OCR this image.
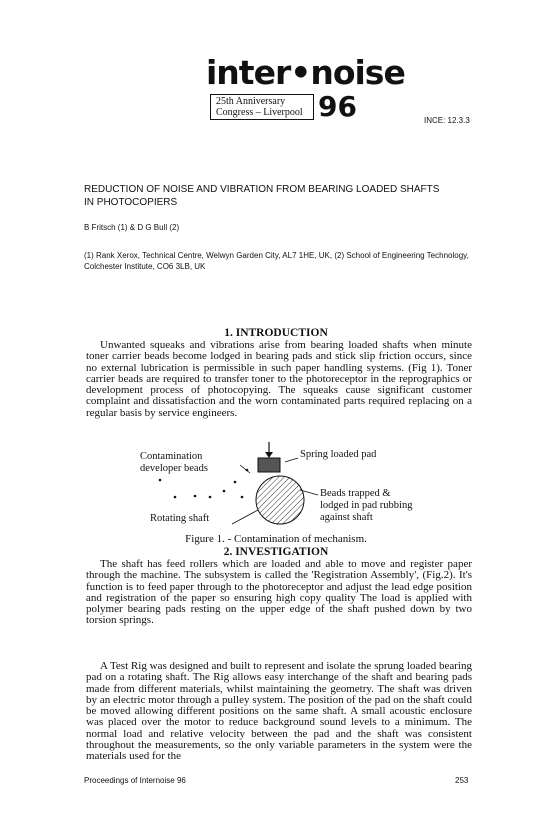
inter•noise
25th Anniversary
Congress – Liverpool 96	INCE: 12.3.3
REDUCTION OF NOISE AND VIBRATION FROM BEARING LOADED SHAFTS
IN PHOTOCOPIERS
B Fritsch (1) & D G Bull (2)
(1) Rank Xerox, Technical Centre, Welwyn Garden City, AL7 1HE, UK, (2) School of Engineering Technology, Colchester Institute, CO6 3LB, UK
1. INTRODUCTION

Unwanted squeaks and vibrations arise from bearing loaded shafts when minute toner carrier beads become lodged in bearing pads and stick slip friction occurs, since no external lubrication is permissible in such paper handling systems. (Fig 1). Toner carrier beads are required to transfer toner to the photoreceptor in the reprographics or development process of photocopying. The squeaks cause significant customer complaint and dissatisfaction and the worn contaminated parts required replacing on a regular basis by service engineers.

Contamination
developer beads
Spring loaded pad
Beads trapped &
lodged in pad rubbing
against shaft
Rotating shaft
Figure 1. - Contamination of mechanism.
2. INVESTIGATION

The shaft has feed rollers which are loaded and able to move and register paper through the machine. The subsystem is called the 'Registration Assembly', (Fig.2). It's function is to feed paper through to the photoreceptor and adjust the lead edge position and registration of the paper so ensuring high copy quality The load is applied with polymer bearing pads resting on the upper edge of the shaft pushed down by two torsion springs.

A Test Rig was designed and built to represent and isolate the sprung loaded bearing pad on a rotating shaft. The Rig allows easy interchange of the shaft and bearing pads made from different materials, whilst maintaining the geometry. The shaft was driven by an electric motor through a pulley system. The position of the pad on the shaft could be moved allowing different positions on the same shaft. A small acoustic enclosure was placed over the motor to reduce background sound levels to a minimum. The normal load and relative velocity between the pad and the shaft was consistent throughout the measurements, so the only variable parameters in the system were the materials used for the

Proceedings of Internoise 96	253
